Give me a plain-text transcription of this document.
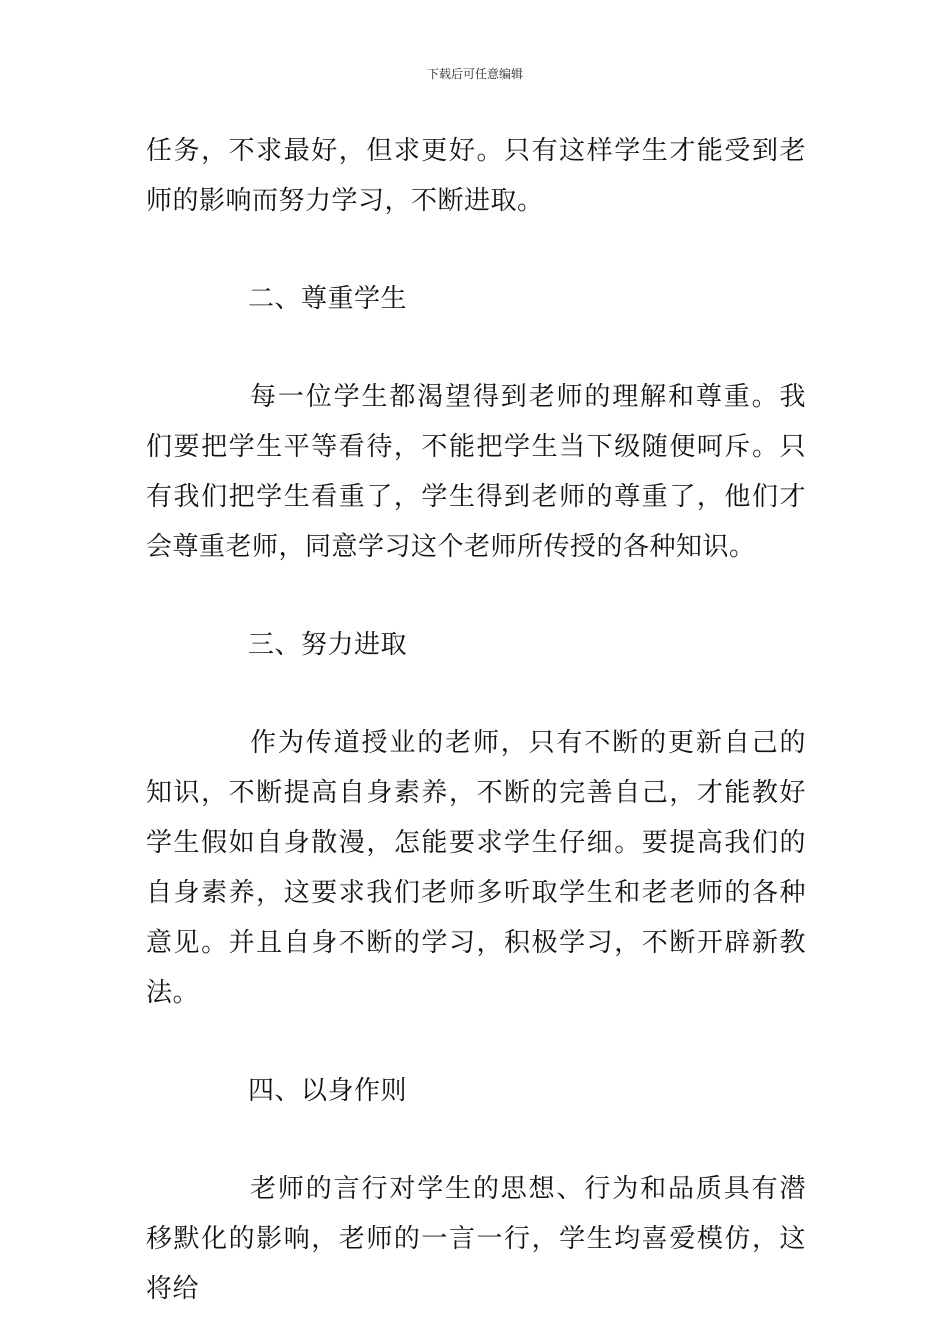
下载后可任意编辑

任务，不求最好，但求更好。只有这样学生才能受到老师的影响而努力学习，不断进取。

二、尊重学生

每一位学生都渴望得到老师的理解和尊重。我们要把学生平等看待，不能把学生当下级随便呵斥。只有我们把学生看重了，学生得到老师的尊重了，他们才会尊重老师，同意学习这个老师所传授的各种知识。

三、努力进取

作为传道授业的老师，只有不断的更新自己的知识，不断提高自身素养，不断的完善自己，才能教好学生假如自身散漫，怎能要求学生仔细。要提高我们的自身素养，这要求我们老师多听取学生和老老师的各种意见。并且自身不断的学习，积极学习，不断开辟新教法。

四、以身作则

老师的言行对学生的思想、行为和品质具有潜移默化的影响，老师的一言一行，学生均喜爱模仿，这将给
